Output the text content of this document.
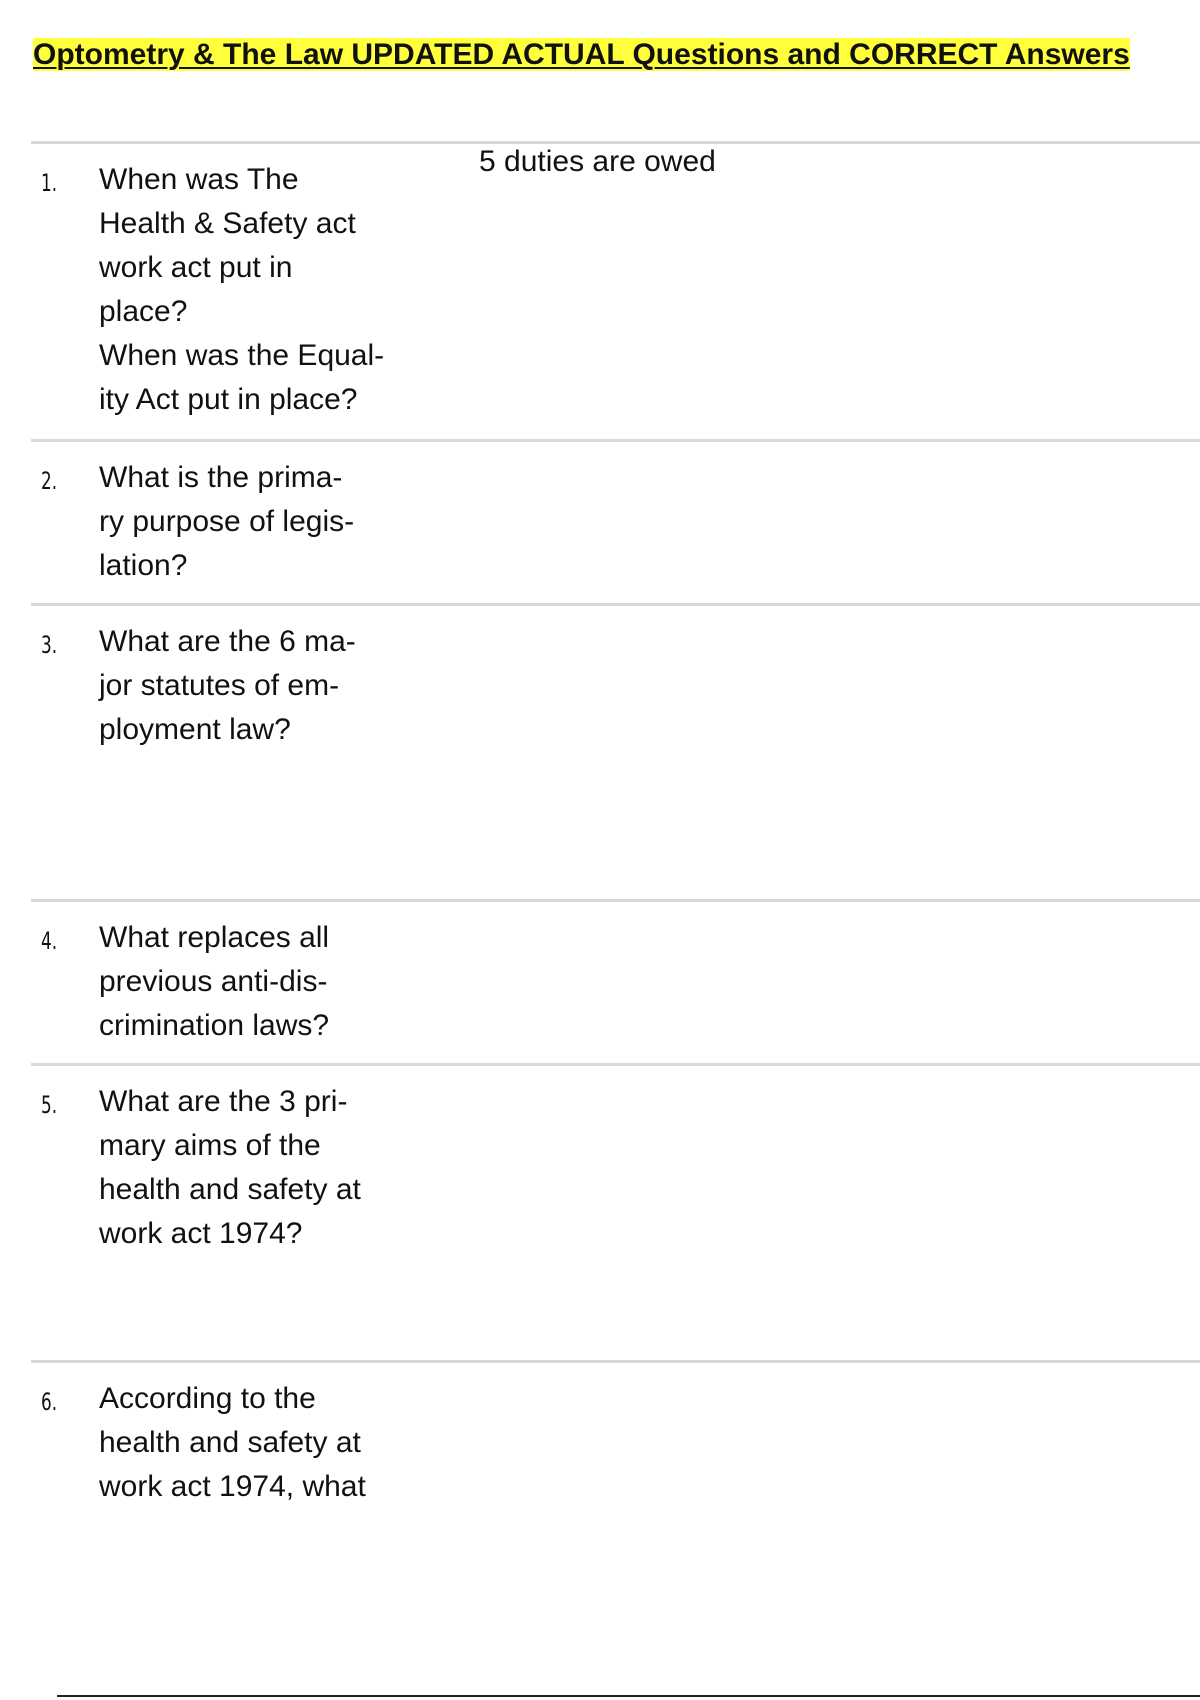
Optometry & The Law UPDATED ACTUAL Questions and CORRECT Answers
1. When was The
Health & Safety act
work act put in
place?
When was the Equal-
ity Act put in place?

5 duties are owed

2. What is the prima-
ry purpose of legis-
lation?

3. What are the 6 ma-
jor statutes of em-
ployment law?

4. What replaces all
previous anti-dis-
crimination laws?

5. What are the 3 pri-
mary aims of the
health and safety at
work act 1974?

6. According to the
health and safety at
work act 1974, what
